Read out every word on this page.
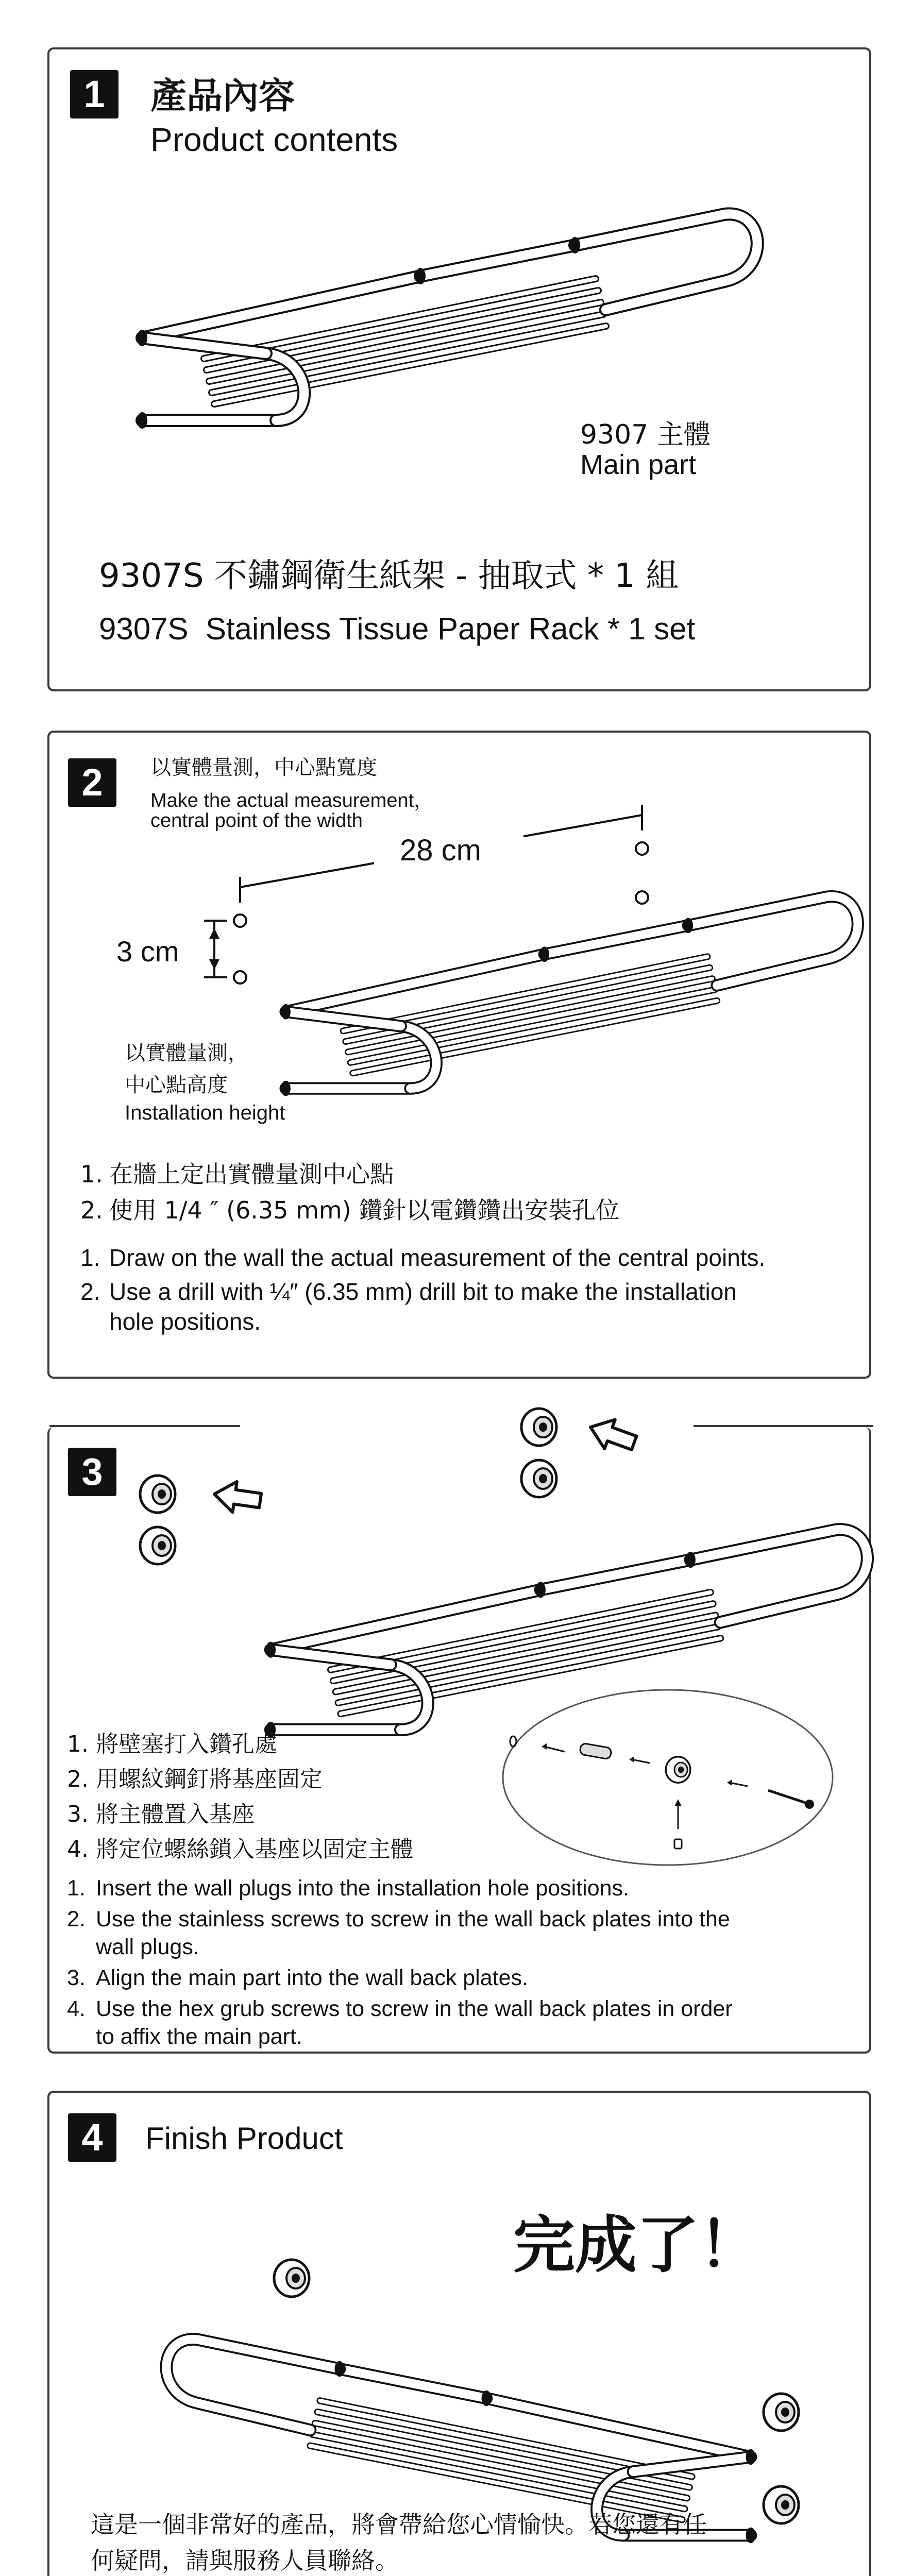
1	產品內容
Product contents
9307 主體
Main part
9307S 不鏽鋼衛生紙架 - 抽取式 * 1 組
9307S  Stainless Tissue Paper Rack * 1 set
2	以實體量測，中心點寬度
Make the actual measurement，
central point of the width
28 cm
3 cm
以實體量測，
中心點高度
Installation height
1. 在牆上定出實體量測中心點
2. 使用 1/4 ″ (6.35 mm) 鑽針以電鑽鑽出安裝孔位
1. Draw on the wall the actual measurement of the central points.
2. Use a drill with ¼″ (6.35 mm) drill bit to make the installation
hole positions.
3
1. 將壁塞打入鑽孔處
2. 用螺紋鋼釘將基座固定
3. 將主體置入基座
4. 將定位螺絲鎖入基座以固定主體
1. Insert the wall plugs into the installation hole positions.
2. Use the stainless screws to screw in the wall back plates into the
wall plugs.
3. Align the main part into the wall back plates.
4. Use the hex grub screws to screw in the wall back plates in order
to affix the main part.
4	Finish Product
完成了！
這是一個非常好的產品，將會帶給您心情愉快。若您還有任
何疑問，請與服務人員聯絡。
